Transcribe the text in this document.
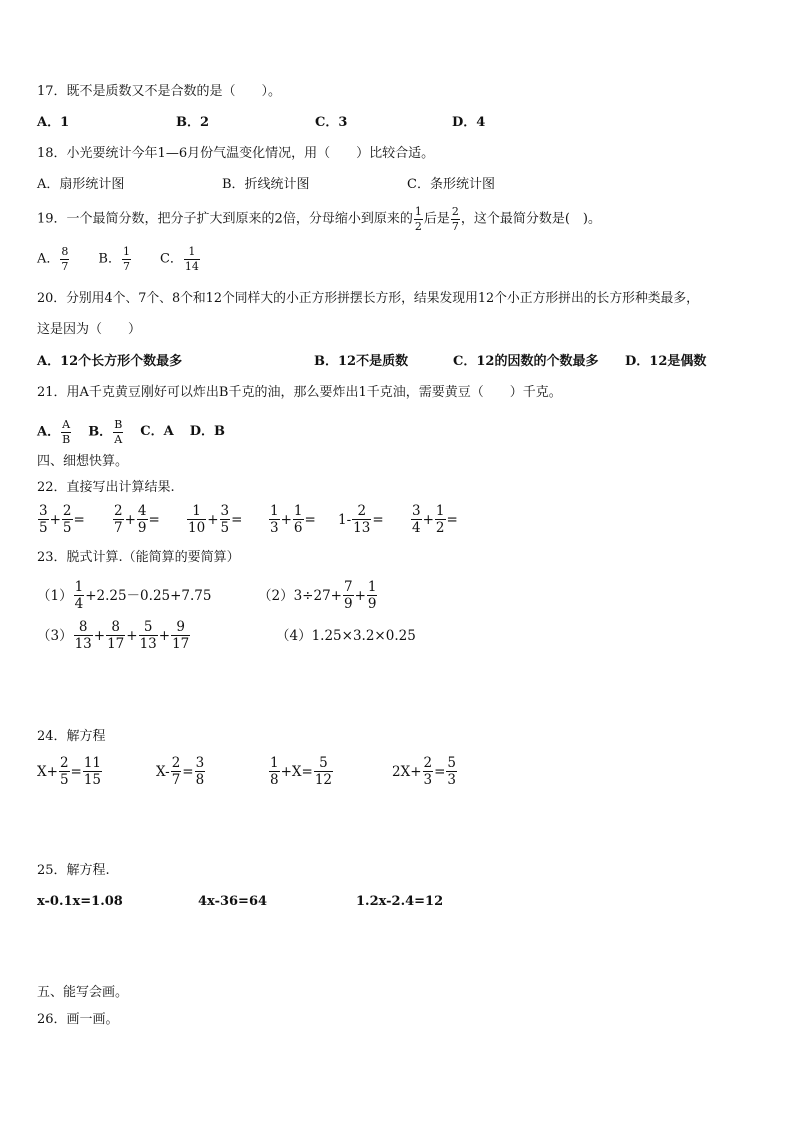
17．既不是质数又不是合数的是（　　）。
A．1	B．2	C．3	D．4
18．小光要统计今年1—6月份气温变化情况，用（　　）比较合适。
A．扇形统计图	B．折线统计图	C．条形统计图
19．一个最简分数，把分子扩大到原来的2倍，分母缩小到原来的 $\frac{1}{2}$ 后是 $\frac{2}{7}$ ，这个最简分数是(　)。
A． $\frac{8}{7}$ B． $\frac{1}{7}$ C． $\frac{1}{14}$
20．分别用4个、7个、8个和12个同样大的小正方形拼摆长方形，结果发现用12个小正方形拼出的长方形种类最多，
这是因为（　　）
A．12个长方形个数最多	B．12不是质数	C．12的因数的个数最多 D．12是偶数
21．用A千克黄豆刚好可以炸出B千克的油，那么要炸出1千克油，需要黄豆（　　）千克。
A． $\frac{A}{B}$ B． $\frac{B}{A}$ C．A D．B
四、细想快算。
22．直接写出计算结果.
$\frac{3}{5} + \frac{2}{5} = \frac{2}{7} + \frac{4}{9} = \frac{1}{10} + \frac{3}{5} = \frac{1}{3} + \frac{1}{6} = 1- \frac{2}{13} = \frac{3}{4} + \frac{1}{2}$ =
23．脱式计算.（能简算的要简算）
$(1) \frac{1}{4} +2.25-0.25+7.75$	$(2)3\div 27+ \frac{7}{9} + \frac{1}{9}$
$(3) \frac{8}{13} + \frac{8}{17} + \frac{5}{13} + \frac{9}{17}$	（4）1.25×3.2×0.25
24．解方程
$X+ \frac{2}{5} = \frac{11}{15}$	$X- \frac{2}{7} = \frac{3}{8}$	$\frac{1}{8} +X= \frac{5}{12}$	$2X+ \frac{2}{3} = \frac{5}{3}$
25．解方程.
x-0.1x=1.08	4x-36=64	1.2x-2.4=12
五、能写会画。
26．画一画。
